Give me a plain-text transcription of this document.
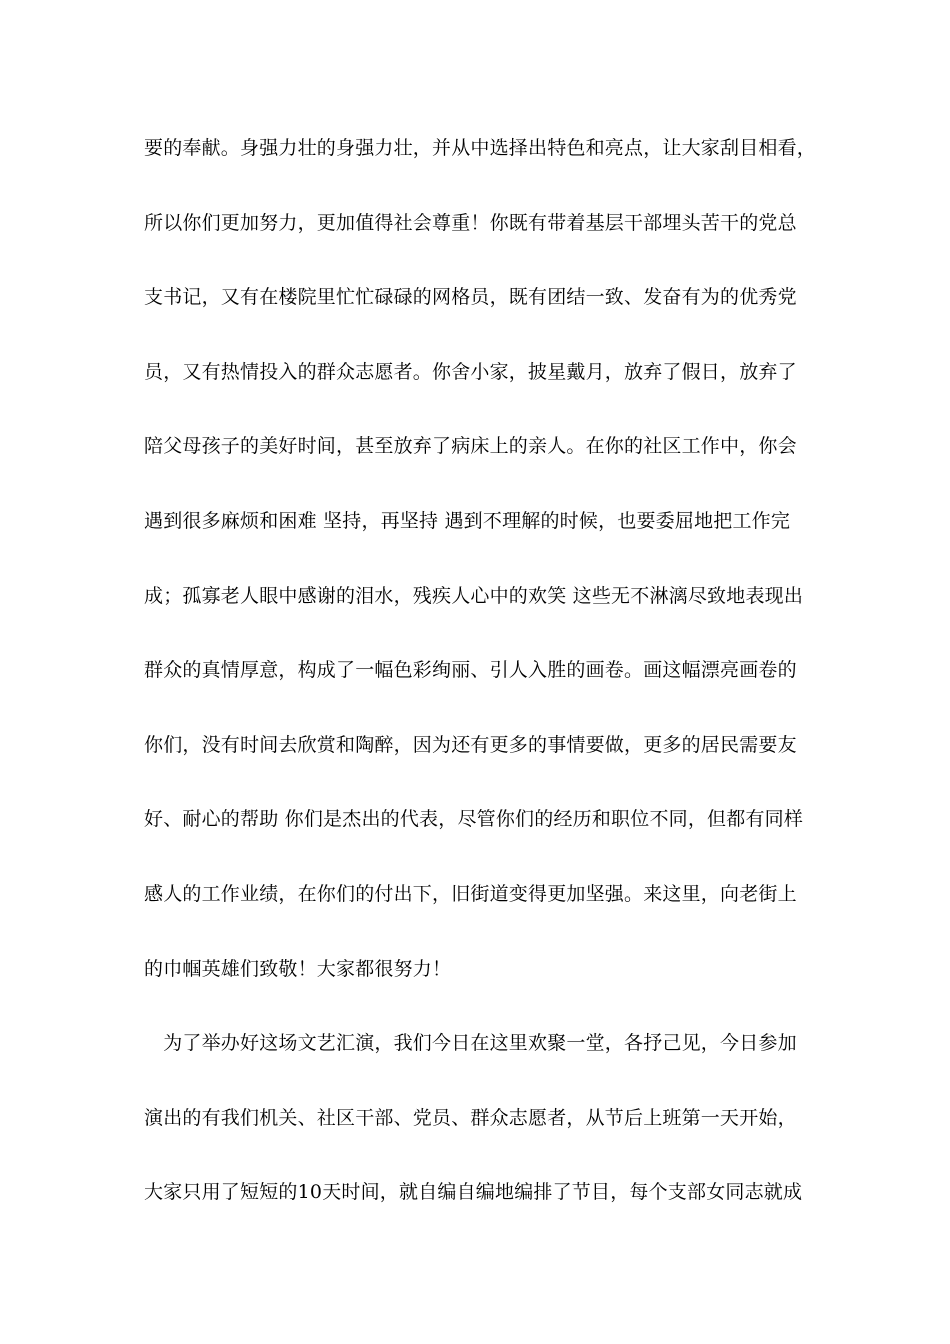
要的奉献。身强力壮的身强力壮，并从中选择出特色和亮点，让大家刮目相看，
所以你们更加努力，更加值得社会尊重！你既有带着基层干部埋头苦干的党总
支书记，又有在楼院里忙忙碌碌的网格员，既有团结一致、发奋有为的优秀党
员，又有热情投入的群众志愿者。你舍小家，披星戴月，放弃了假日，放弃了
陪父母孩子的美好时间，甚至放弃了病床上的亲人。在你的社区工作中，你会
遇到很多麻烦和困难 坚持，再坚持 遇到不理解的时候，也要委屈地把工作完
成；孤寡老人眼中感谢的泪水，残疾人心中的欢笑 这些无不淋漓尽致地表现出
群众的真情厚意，构成了一幅色彩绚丽、引人入胜的画卷。画这幅漂亮画卷的
你们，没有时间去欣赏和陶醉，因为还有更多的事情要做，更多的居民需要友
好、耐心的帮助 你们是杰出的代表，尽管你们的经历和职位不同，但都有同样
感人的工作业绩，在你们的付出下，旧街道变得更加坚强。来这里，向老街上
的巾帼英雄们致敬！大家都很努力！
　为了举办好这场文艺汇演，我们今日在这里欢聚一堂，各抒己见，今日参加
演出的有我们机关、社区干部、党员、群众志愿者，从节后上班第一天开始，
大家只用了短短的10天时间，就自编自编地编排了节目，每个支部女同志就成
